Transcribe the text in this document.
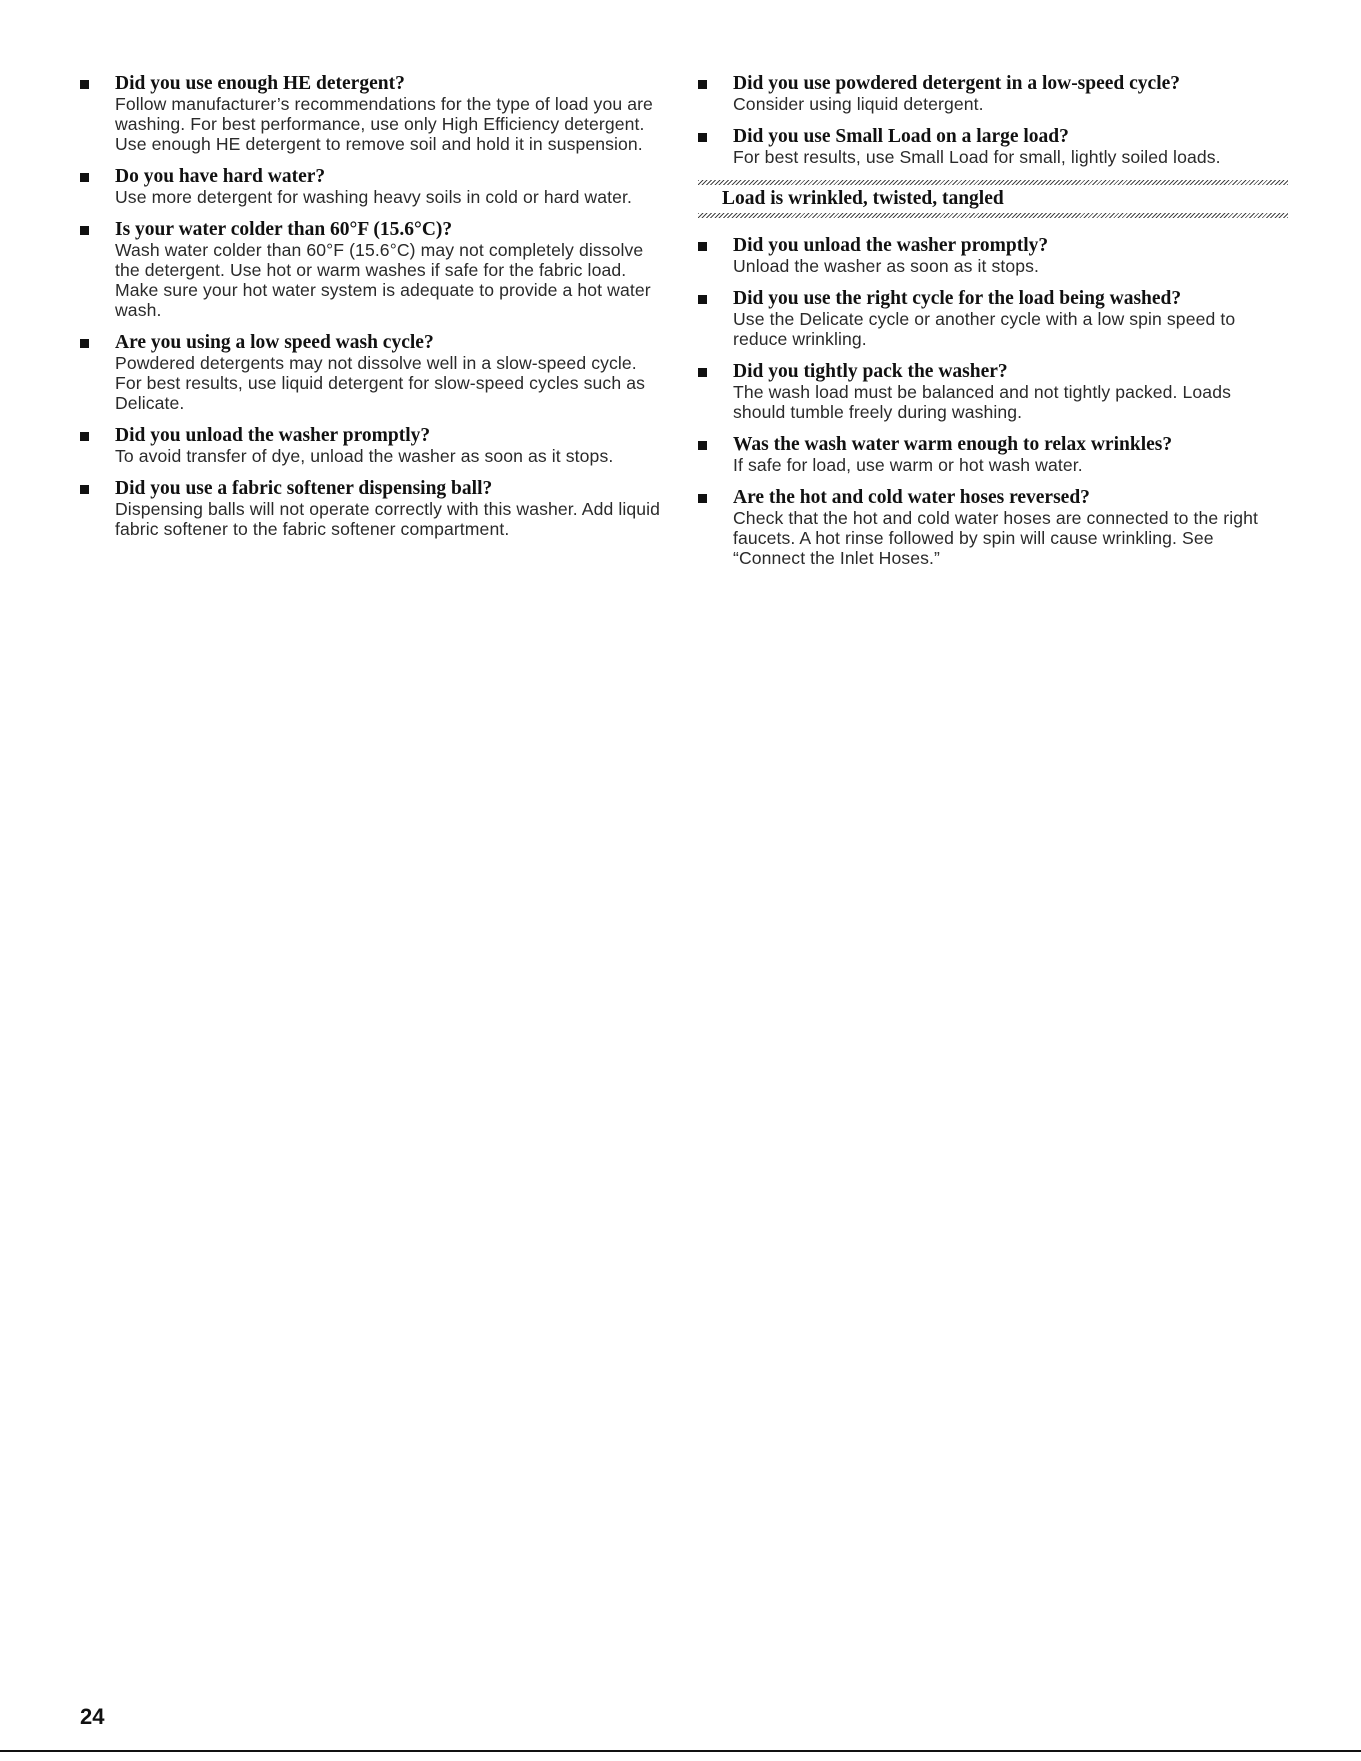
Did you use enough HE detergent?
Follow manufacturer’s recommendations for the type of load you are washing. For best performance, use only High Efficiency detergent. Use enough HE detergent to remove soil and hold it in suspension.
Do you have hard water?
Use more detergent for washing heavy soils in cold or hard water.
Is your water colder than 60°F (15.6°C)?
Wash water colder than 60°F (15.6°C) may not completely dissolve the detergent. Use hot or warm washes if safe for the fabric load. Make sure your hot water system is adequate to provide a hot water wash.
Are you using a low speed wash cycle?
Powdered detergents may not dissolve well in a slow-speed cycle. For best results, use liquid detergent for slow-speed cycles such as Delicate.
Did you unload the washer promptly?
To avoid transfer of dye, unload the washer as soon as it stops.
Did you use a fabric softener dispensing ball?
Dispensing balls will not operate correctly with this washer. Add liquid fabric softener to the fabric softener compartment.
Did you use powdered detergent in a low-speed cycle?
Consider using liquid detergent.
Did you use Small Load on a large load?
For best results, use Small Load for small, lightly soiled loads.
Load is wrinkled, twisted, tangled
Did you unload the washer promptly?
Unload the washer as soon as it stops.
Did you use the right cycle for the load being washed?
Use the Delicate cycle or another cycle with a low spin speed to reduce wrinkling.
Did you tightly pack the washer?
The wash load must be balanced and not tightly packed. Loads should tumble freely during washing.
Was the wash water warm enough to relax wrinkles?
If safe for load, use warm or hot wash water.
Are the hot and cold water hoses reversed?
Check that the hot and cold water hoses are connected to the right faucets. A hot rinse followed by spin will cause wrinkling. See “Connect the Inlet Hoses.”
24
